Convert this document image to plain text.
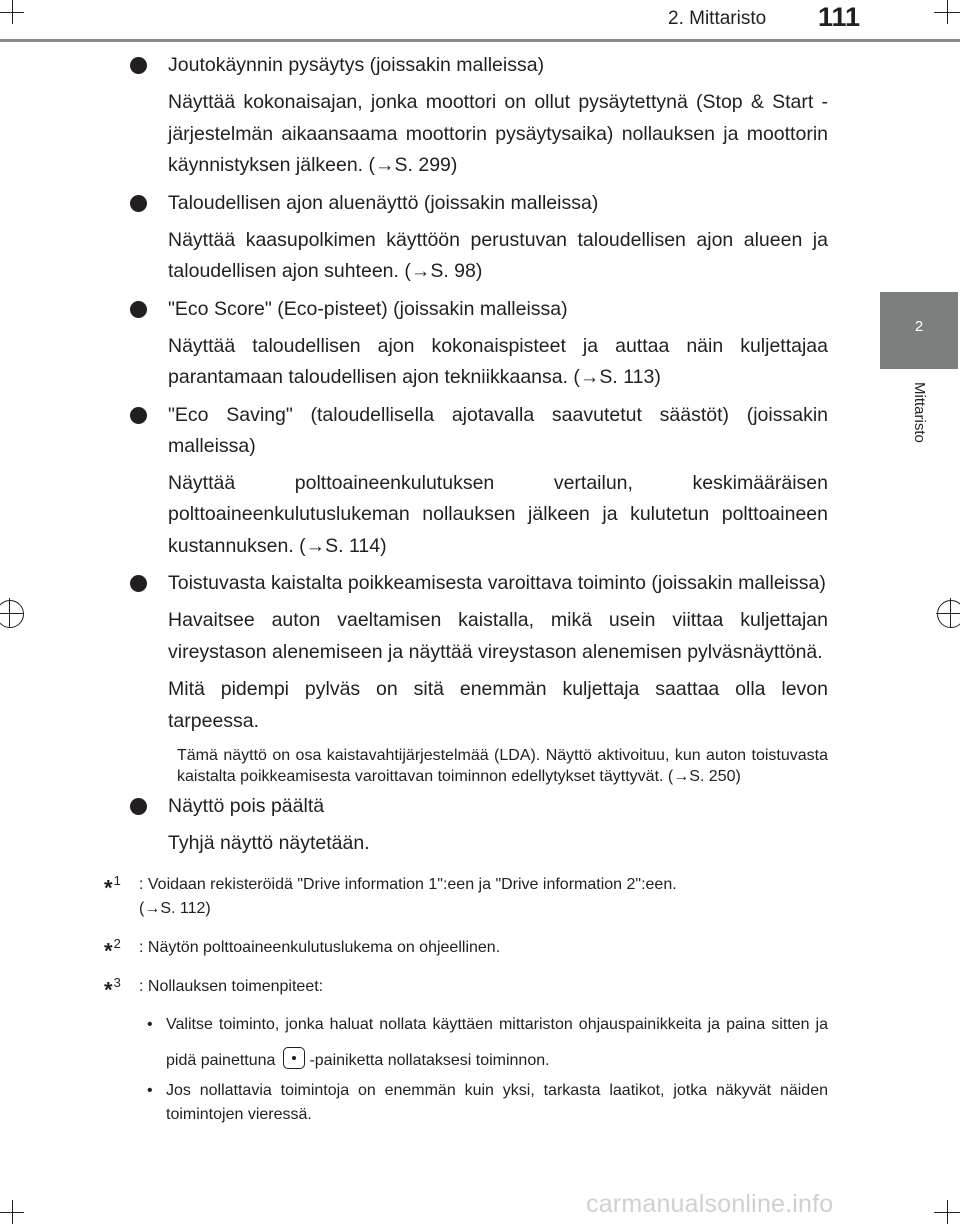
2. Mittaristo 111
2
Mittaristo
Joutokäynnin pysäytys (joissakin malleissa)
Näyttää kokonaisajan, jonka moottori on ollut pysäytettynä (Stop & Start -järjestelmän aikaansaama moottorin pysäytysaika) nollauksen ja moottorin käynnistyksen jälkeen. (→S. 299)
Taloudellisen ajon aluenäyttö (joissakin malleissa)
Näyttää kaasupolkimen käyttöön perustuvan taloudellisen ajon alueen ja taloudellisen ajon suhteen. (→S. 98)
"Eco Score" (Eco-pisteet) (joissakin malleissa)
Näyttää taloudellisen ajon kokonaispisteet ja auttaa näin kuljettajaa parantamaan taloudellisen ajon tekniikkaansa. (→S. 113)
"Eco Saving" (taloudellisella ajotavalla saavutetut säästöt) (joissakin malleissa)
Näyttää polttoaineenkulutuksen vertailun, keskimääräisen polttoaineenkulutuslukeman nollauksen jälkeen ja kulutetun polttoaineen kustannuksen. (→S. 114)
Toistuvasta kaistalta poikkeamisesta varoittava toiminto (joissakin malleissa)
Havaitsee auton vaeltamisen kaistalla, mikä usein viittaa kuljettajan vireystason alenemiseen ja näyttää vireystason alenemisen pylväsnäyttönä.
Mitä pidempi pylväs on sitä enemmän kuljettaja saattaa olla levon tarpeessa.
Tämä näyttö on osa kaistavahtijärjestelmää (LDA). Näyttö aktivoituu, kun auton toistuvasta kaistalta poikkeamisesta varoittavan toiminnon edellytykset täyttyvät. (→S. 250)
Näyttö pois päältä
Tyhjä näyttö näytetään.
*$^1$ : Voidaan rekisteröidä "Drive information 1":een ja "Drive information 2":een.
(→S. 112)
*$^2$ : Näytön polttoaineenkulutuslukema on ohjeellinen.
*$^3$ : Nollauksen toimenpiteet:
• Valitse toiminto, jonka haluat nollata käyttäen mittariston ohjauspainikkeita ja paina sitten ja pidä painettuna -painiketta nollataksesi toiminnon.
• Jos nollattavia toimintoja on enemmän kuin yksi, tarkasta laatikot, jotka näkyvät näiden toimintojen vieressä.
carmanualsonline.info
